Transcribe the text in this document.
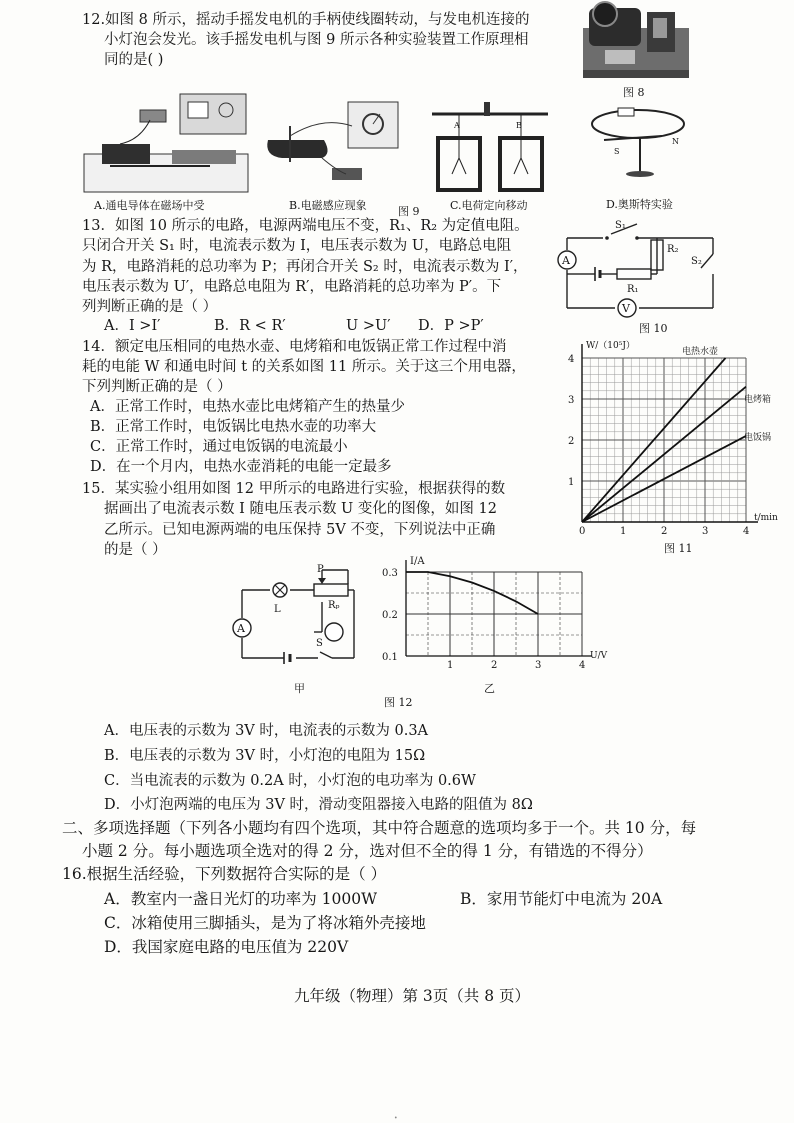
12.如图 8 所示，摇动手摇发电机的手柄使线圈转动，与发电机连接的
小灯泡会发光。该手摇发电机与图 9 所示各种实验装置工作原理相
同的是( )
图 8
A.通电导体在磁场中受	B.电磁感应现象	图 9
A	B
C.电荷定向移动
S
N
D.奥斯特实验
13．如图 10 所示的电路，电源两端电压不变，R₁、R₂ 为定值电阻。
只闭合开关 S₁ 时，电流表示数为 I，电压表示数为 U，电路总电阻
为 R，电路消耗的总功率为 P；再闭合开关 S₂ 时，电流表示数为 I′，
电压表示数为 U′，电路总电阻为 R′，电路消耗的总功率为 P′。下
列判断正确的是（ ）
A．I >I′	B．R < R′	U >U′ D．P >P′
A
V
S₁
S₂
R₂
R₁
图 10
14．额定电压相同的电热水壶、电烤箱和电饭锅正常工作过程中消
耗的电能 W 和通电时间 t 的关系如图 11 所示。关于这三个用电器，
下列判断正确的是（ ）
A．正常工作时，电热水壶比电烤箱产生的热量少
B．正常工作时，电饭锅比电热水壶的功率大
C．正常工作时，通过电饭锅的电流最小
D．在一个月内，电热水壶消耗的电能一定最多
0	1	2	3	4
1
2
3
4
W/（10⁵J）
t/min
电热水壶
电烤箱
电饭锅
图 11
15．某实验小组用如图 12 甲所示的电路进行实验，根据获得的数
据画出了电流表示数 I 随电压表示数 U 变化的图像，如图 12
乙所示。已知电源两端的电压保持 5V 不变，下列说法中正确
的是（ ）
A
P
Rₚ
L
S
甲
1	2	3	4
0.1
0.2
0.3
I/A
U/V
乙
图 12
A．电压表的示数为 3V 时，电流表的示数为 0.3A
B．电压表的示数为 3V 时，小灯泡的电阻为 15Ω
C．当电流表的示数为 0.2A 时，小灯泡的电功率为 0.6W
D．小灯泡两端的电压为 3V 时，滑动变阻器接入电路的阻值为 8Ω
二、多项选择题（下列各小题均有四个选项，其中符合题意的选项均多于一个。共 10 分，每
小题 2 分。每小题选项全选对的得 2 分，选对但不全的得 1 分，有错选的不得分）
16.根据生活经验，下列数据符合实际的是（ ）
A．教室内一盏日光灯的功率为 1000W	B．家用节能灯中电流为 20A
C．冰箱使用三脚插头，是为了将冰箱外壳接地
D．我国家庭电路的电压值为 220V
九年级（物理）第 3页（共 8 页）
•
